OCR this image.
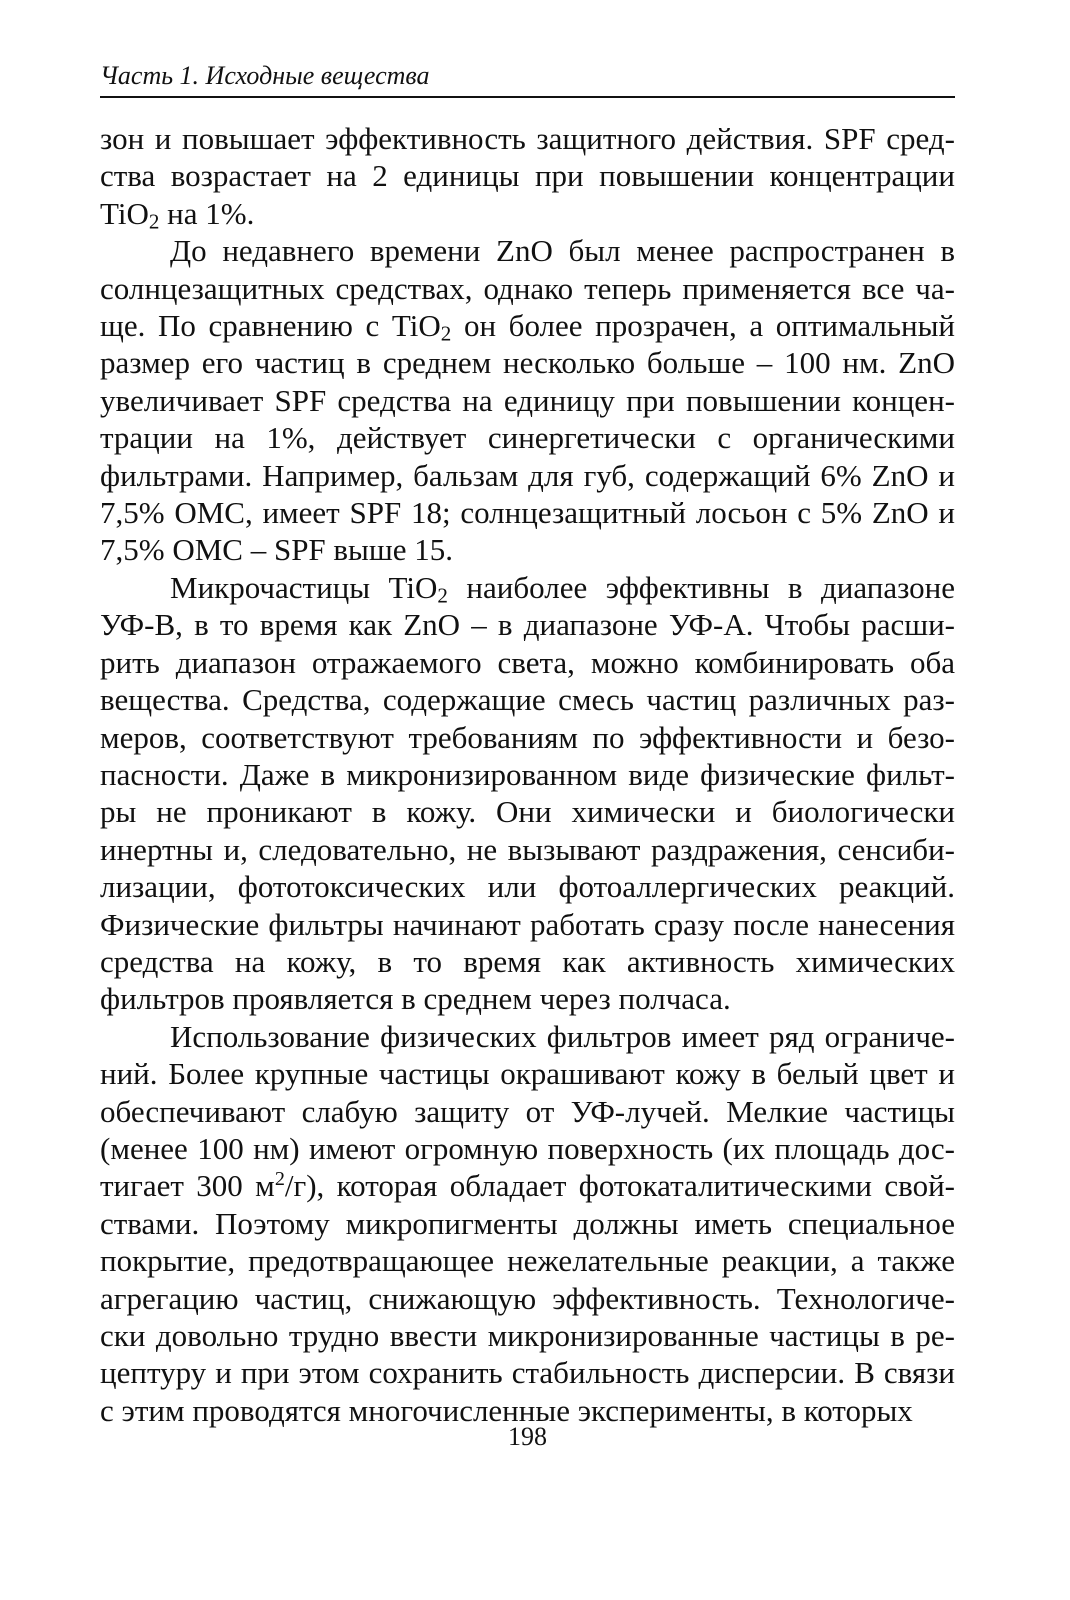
Часть 1. Исходные вещества

зон и повышает эффективность защитного действия. SPF средства возрастает на 2 единицы при повышении концентрации TiO$_2$ на 1%.

До недавнего времени ZnO был менее распространен в солнцезащитных средствах, однако теперь применяется все чаще. По сравнению с TiO$_2$ он более прозрачен, а оптимальный размер его частиц в среднем несколько больше – 100 нм. ZnO увеличивает SPF средства на единицу при повышении концентрации на 1%, действует синергетически с органическими фильтрами. Например, бальзам для губ, содержащий 6% ZnO и 7,5% OMC, имеет SPF 18; солнцезащитный лосьон с 5% ZnO и 7,5% OMC – SPF выше 15.

Микрочастицы TiO$_2$ наиболее эффективны в диапазоне УФ-В, в то время как ZnO – в диапазоне УФ-А. Чтобы расширить диапазон отражаемого света, можно комбинировать оба вещества. Средства, содержащие смесь частиц различных размеров, соответствуют требованиям по эффективности и безопасности. Даже в микронизированном виде физические фильтры не проникают в кожу. Они химически и биологически инертны и, следовательно, не вызывают раздражения, сенсибилизации, фототоксических или фотоаллергических реакций. Физические фильтры начинают работать сразу после нанесения средства на кожу, в то время как активность химических фильтров проявляется в среднем через полчаса.

Использование физических фильтров имеет ряд ограничений. Более крупные частицы окрашивают кожу в белый цвет и обеспечивают слабую защиту от УФ-лучей. Мелкие частицы (менее 100 нм) имеют огромную поверхность (их площадь достигает 300 $м^2/г$), которая обладает фотокаталитическими свойствами. Поэтому микропигменты должны иметь специальное покрытие, предотвращающее нежелательные реакции, а также агрегацию частиц, снижающую эффективность. Технологически довольно трудно ввести микронизированные частицы в рецептуру и при этом сохранить стабильность дисперсии. В связи с этим проводятся многочисленные эксперименты, в которых

198
